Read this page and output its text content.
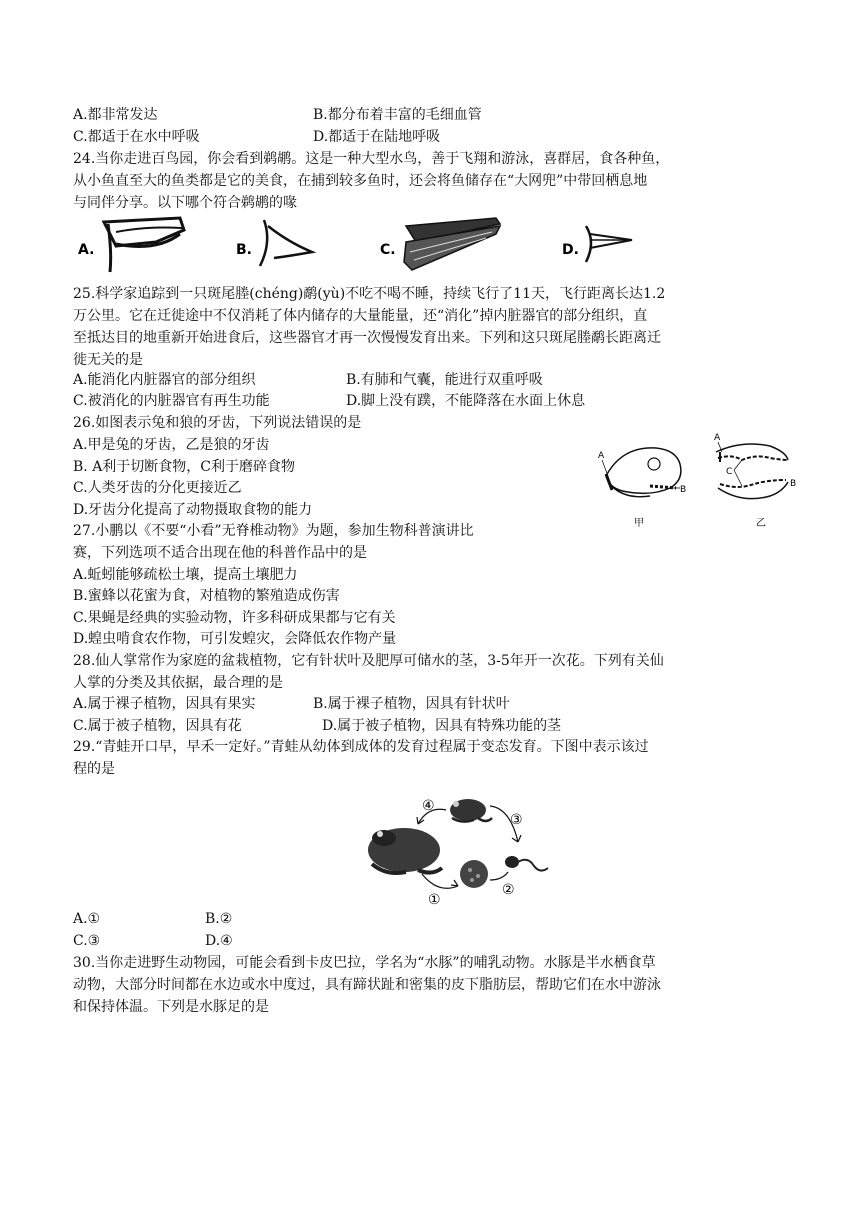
A.都非常发达	B.都分布着丰富的毛细血管
C.都适于在水中呼吸	D.都适于在陆地呼吸
24.当你走进百鸟园，你会看到鹈鹕。这是一种大型水鸟，善于飞翔和游泳，喜群居，食各种鱼，
从小鱼直至大的鱼类都是它的美食，在捕到较多鱼时，还会将鱼储存在“大网兜”中带回栖息地
与同伴分享。以下哪个符合鹈鹕的喙
A.	B.	C.	D.
25.科学家追踪到一只斑尾塍(chéng)鹬(yù)不吃不喝不睡，持续飞行了11天，飞行距离长达1.2
万公里。它在迁徙途中不仅消耗了体内储存的大量能量，还“消化”掉内脏器官的部分组织，直
至抵达目的地重新开始进食后，这些器官才再一次慢慢发育出来。下列和这只斑尾塍鹬长距离迁
徙无关的是
A.能消化内脏器官的部分组织	B.有肺和气囊，能进行双重呼吸
C.被消化的内脏器官有再生功能	D.脚上没有蹼，不能降落在水面上休息
26.如图表示兔和狼的牙齿，下列说法错误的是
A.甲是兔的牙齿，乙是狼的牙齿
B. A利于切断食物，C利于磨碎食物
C.人类牙齿的分化更接近乙
D.牙齿分化提高了动物摄取食物的能力
A
B
甲
A
C
B
乙
27.小鹏以《不要“小看”无脊椎动物》为题，参加生物科普演讲比
赛，下列选项不适合出现在他的科普作品中的是
A.蚯蚓能够疏松土壤，提高土壤肥力
B.蜜蜂以花蜜为食，对植物的繁殖造成伤害
C.果蝇是经典的实验动物，许多科研成果都与它有关
D.蝗虫啃食农作物，可引发蝗灾，会降低农作物产量
28.仙人掌常作为家庭的盆栽植物，它有针状叶及肥厚可储水的茎，3-5年开一次花。下列有关仙
人掌的分类及其依据，最合理的是
A.属于裸子植物，因具有果实	B.属于裸子植物，因具有针状叶
C.属于被子植物，因具有花	D.属于被子植物，因具有特殊功能的茎
29.“青蛙开口早，早禾一定好。”青蛙从幼体到成体的发育过程属于变态发育。下图中表示该过
程的是
④
③
②
①
A.①	B.②
C.③	D.④
30.当你走进野生动物园，可能会看到卡皮巴拉，学名为“水豚”的哺乳动物。水豚是半水栖食草
动物，大部分时间都在水边或水中度过，具有蹄状趾和密集的皮下脂肪层，帮助它们在水中游泳
和保持体温。下列是水豚足的是
